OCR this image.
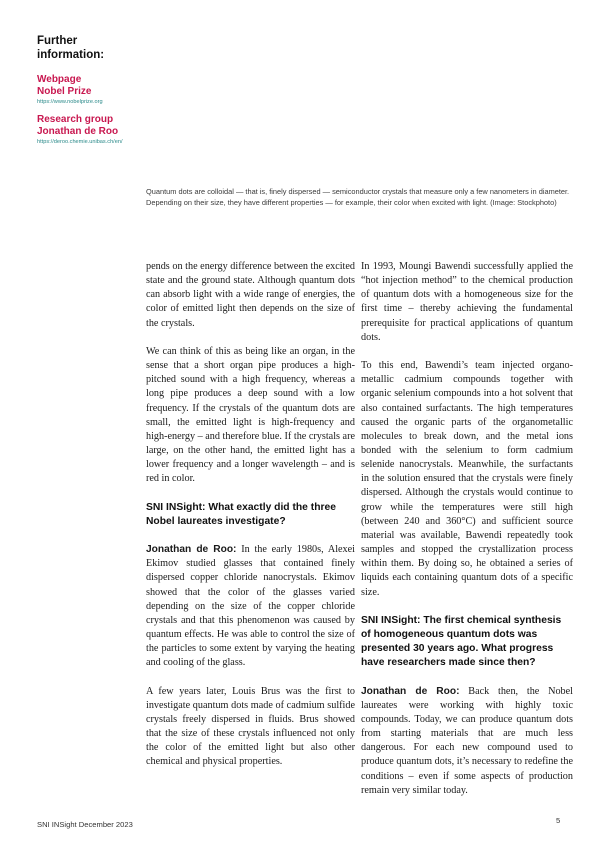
Further information:
Webpage
Nobel Prize
https://www.nobelprize.org
Research group
Jonathan de Roo
https://deroo.chemie.unibas.ch/en/
Quantum dots are colloidal — that is, finely dispersed — semiconductor crystals that measure only a few nanometers in diameter. Depending on their size, they have different properties — for example, their color when excited with light. (Image: Stockphoto)

pends on the energy difference between the excited state and the ground state. Although quantum dots can absorb light with a wide range of energies, the color of emitted light then depends on the size of the crystals.

We can think of this as being like an organ, in the sense that a short organ pipe produces a high-pitched sound with a high frequency, whereas a long pipe produces a deep sound with a low frequency. If the crystals of the quantum dots are small, the emitted light is high-frequency and high-energy – and therefore blue. If the crystals are large, on the other hand, the emitted light has a lower frequency and a longer wavelength – and is red in color.

SNI INSight: What exactly did the three Nobel laureates investigate?

Jonathan de Roo: In the early 1980s, Alexei Ekimov studied glasses that contained finely dispersed copper chloride nanocrystals. Ekimov showed that the color of the glasses varied depending on the size of the copper chloride crystals and that this phenomenon was caused by quantum effects. He was able to control the size of the particles to some extent by varying the heating and cooling of the glass.

A few years later, Louis Brus was the first to investigate quantum dots made of cadmium sulfide crystals freely dispersed in fluids. Brus showed that the size of these crystals influenced not only the color of the emitted light but also other chemical and physical properties.

In 1993, Moungi Bawendi successfully applied the “hot injection method” to the chemical production of quantum dots with a homogeneous size for the first time – thereby achieving the fundamental prerequisite for practical applications of quantum dots.

To this end, Bawendi’s team injected organometallic cadmium compounds together with organic selenium compounds into a hot solvent that also contained surfactants. The high temperatures caused the organic parts of the organometallic molecules to break down, and the metal ions bonded with the selenium to form cadmium selenide nanocrystals. Meanwhile, the surfactants in the solution ensured that the crystals were finely dispersed. Although the crystals would continue to grow while the temperatures were still high (between 240 and 360°C) and sufficient source material was available, Bawendi repeatedly took samples and stopped the crystallization process within them. By doing so, he obtained a series of liquids each containing quantum dots of a specific size.

SNI INSight: The first chemical synthesis of homogeneous quantum dots was presented 30 years ago. What progress have researchers made since then?

Jonathan de Roo: Back then, the Nobel laureates were working with highly toxic compounds. Today, we can produce quantum dots from starting materials that are much less dangerous. For each new compound used to produce quantum dots, it’s necessary to redefine the conditions – even if some aspects of production remain very similar today.

SNI INSight December 2023	5
